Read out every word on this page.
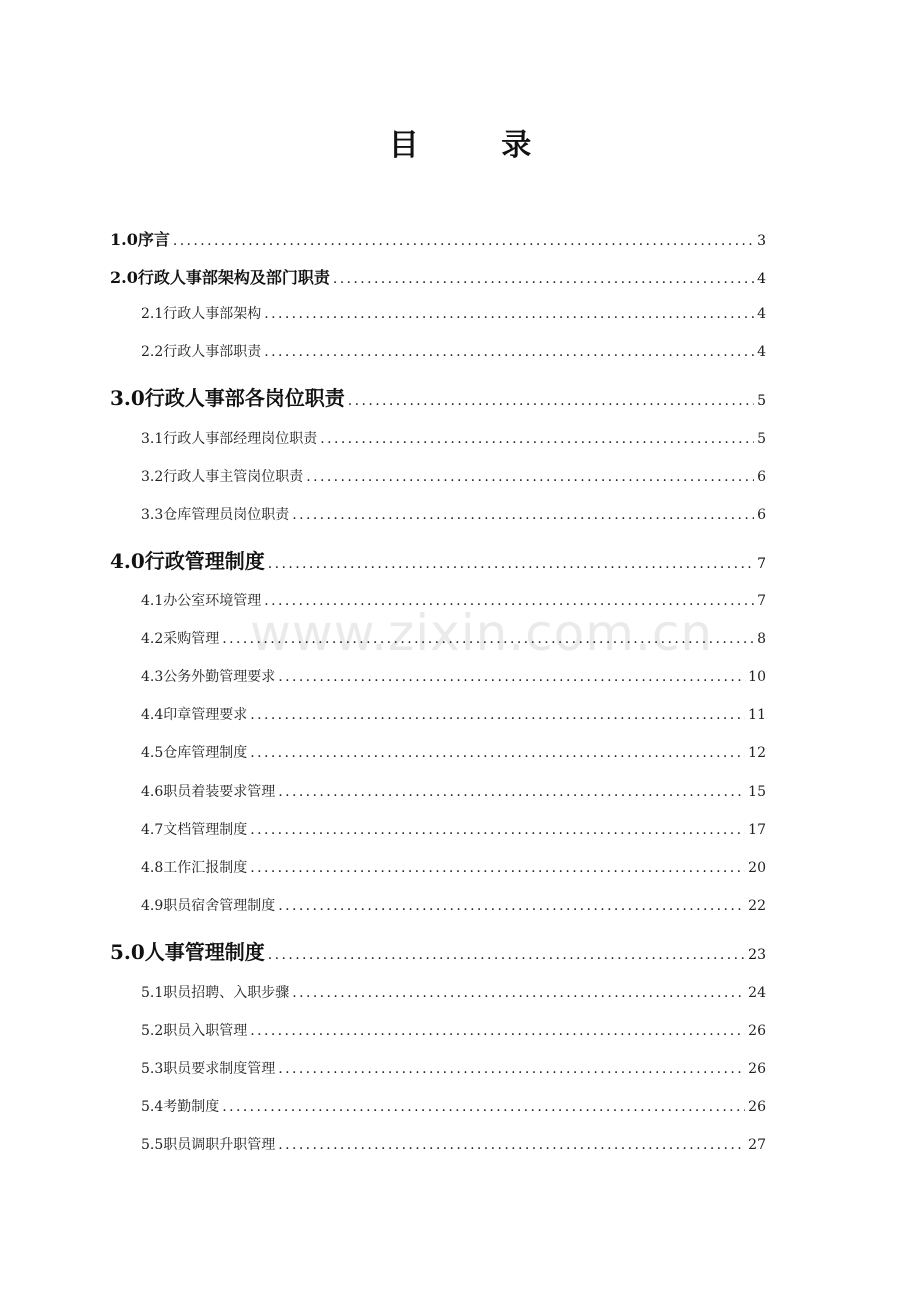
目 录
www.zixin.com.cn
1.0 序言 .....	3
2.0 行政人事部架构及部门职责 .....	4
2.1 行政人事部架构 .....	4
2.2 行政人事部职责 .....	4
3.0 行政人事部各岗位职责 .....	5
3.1 行政人事部经理岗位职责 .....	5
3.2 行政人事主管岗位职责 .....	6
3.3 仓库管理员岗位职责 .....	6
4.0 行政管理制度 .....	7
4.1 办公室环境管理 .....	7
4.2 采购管理 .....	8
4.3 公务外勤管理要求 .....	10
4.4 印章管理要求 .....	11
4.5 仓库管理制度 .....	12
4.6 职员着装要求管理 .....	15
4.7 文档管理制度 .....	17
4.8 工作汇报制度 .....	20
4.9 职员宿舍管理制度 .....	22
5.0 人事管理制度 .....	23
5.1 职员招聘、入职步骤 .....	24
5.2 职员入职管理 .....	26
5.3 职员要求制度管理 .....	26
5.4 考勤制度 .....	26
5.5 职员调职升职管理 .....	27
